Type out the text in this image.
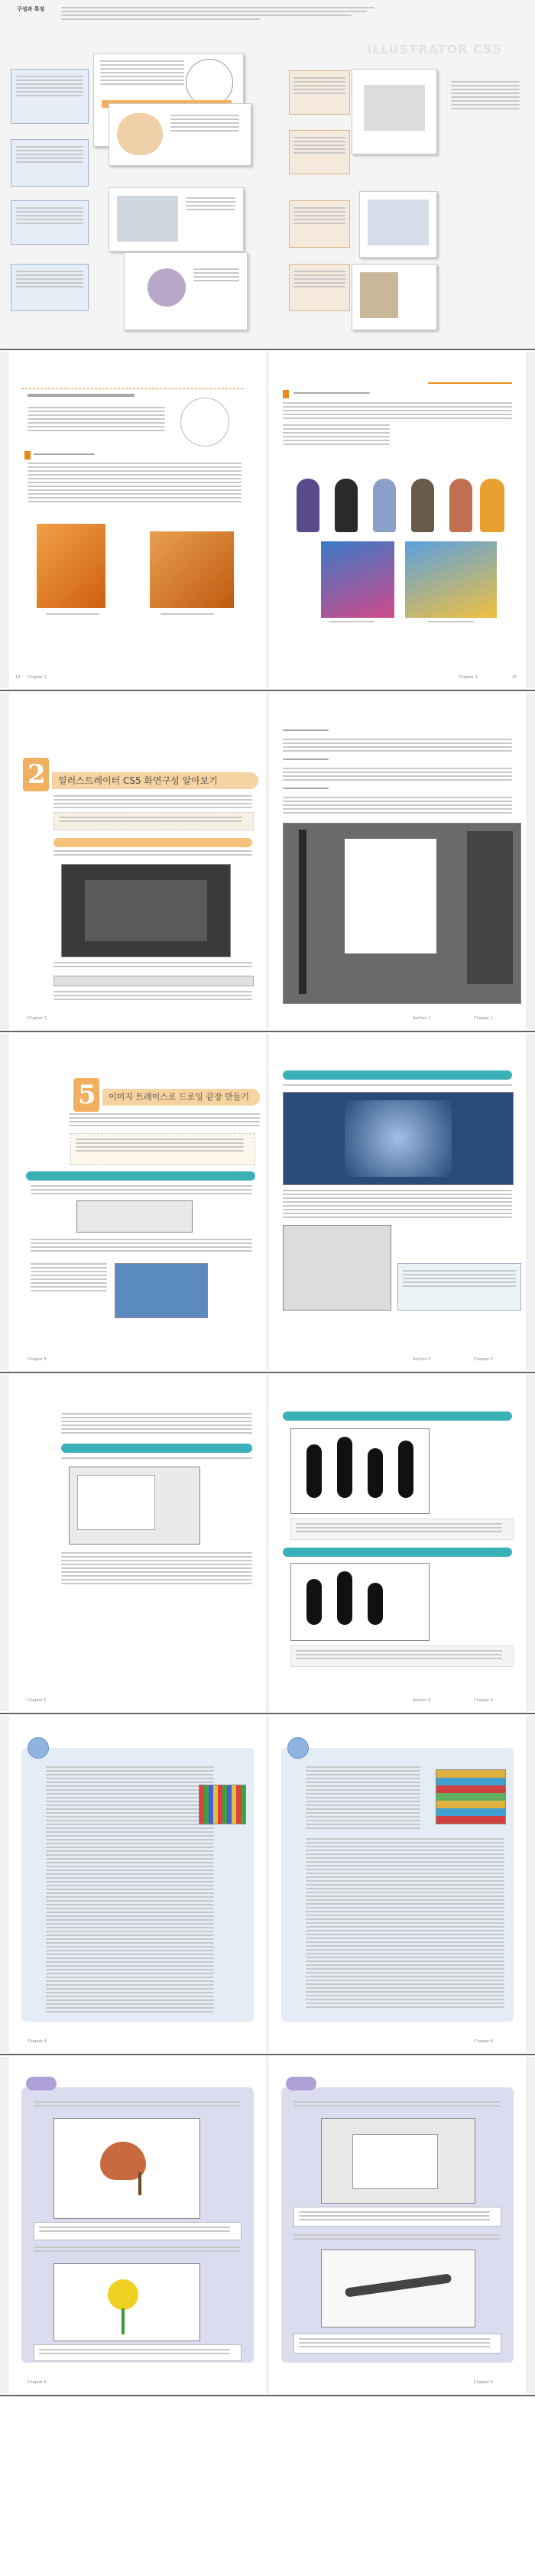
구성과 특징
ILLUSTRATOR CS5
14 Chapter 1	Chapter 1	15
2 일러스트레이터 CS5 화면구성 알아보기
Chapter 1	Section 2	Chapter 1
5 이미지 트레이스로 드로잉 끝장 만들기
Chapter 5	Section 5	Chapter 5
Chapter 5	Section 5	Chapter 5
Chapter 4	Chapter 4
Chapter 6	Chapter 6
